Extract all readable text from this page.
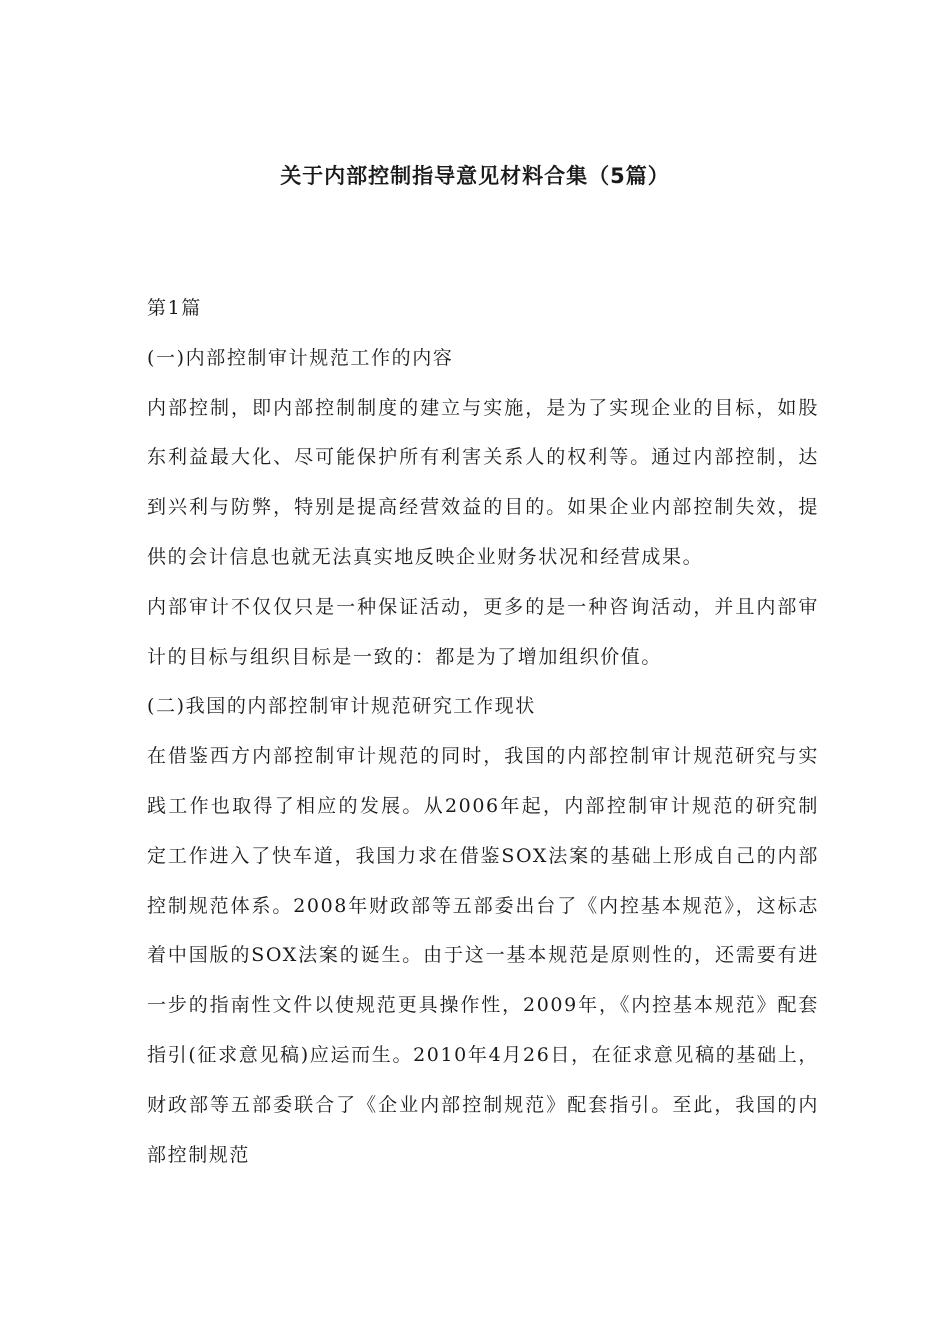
关于内部控制指导意见材料合集（5篇）

第1篇

(一)内部控制审计规范工作的内容

内部控制，即内部控制制度的建立与实施，是为了实现企业的目标，如股东利益最大化、尽可能保护所有利害关系人的权利等。通过内部控制，达到兴利与防弊，特别是提高经营效益的目的。如果企业内部控制失效，提供的会计信息也就无法真实地反映企业财务状况和经营成果。

内部审计不仅仅只是一种保证活动，更多的是一种咨询活动，并且内部审计的目标与组织目标是一致的：都是为了增加组织价值。

(二)我国的内部控制审计规范研究工作现状

在借鉴西方内部控制审计规范的同时，我国的内部控制审计规范研究与实践工作也取得了相应的发展。从2006年起，内部控制审计规范的研究制定工作进入了快车道，我国力求在借鉴SOX法案的基础上形成自己的内部控制规范体系。2008年财政部等五部委出台了《内控基本规范》，这标志着中国版的SOX法案的诞生。由于这一基本规范是原则性的，还需要有进一步的指南性文件以使规范更具操作性，2009年，《内控基本规范》配套指引(征求意见稿)应运而生。2010年4月26日，在征求意见稿的基础上，财政部等五部委联合了《企业内部控制规范》配套指引。至此，我国的内部控制规范
